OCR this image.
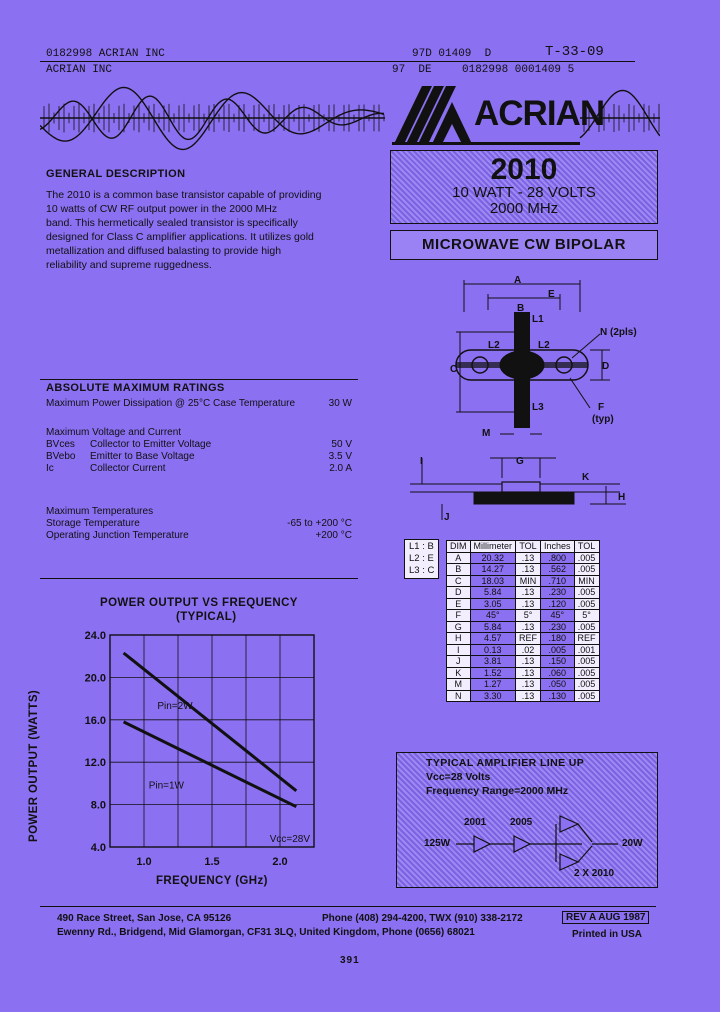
0182998 ACRIAN INC	97D 01409  D	T-33-09
ACRIAN INC	97  DE	0182998 0001409 5
ACRIAN
2010
10 WATT - 28 VOLTS
2000 MHz
MICROWAVE CW BIPOLAR
GENERAL DESCRIPTION
The 2010 is a common base transistor capable of providing
10 watts of CW RF output power in the 2000 MHz
band. This hermetically sealed transistor is specifically
designed for Class C amplifier applications. It utilizes gold
metallization and diffused balasting to provide high
reliability and supreme ruggedness.
ABSOLUTE MAXIMUM RATINGS
Maximum Power Dissipation @ 25°C Case Temperature	30 W
Maximum Voltage and Current
BVces	Collector to Emitter Voltage	50 V
BVebo	Emitter to Base Voltage	3.5 V
Ic	Collector Current	2.0 A
Maximum Temperatures
Storage Temperature	-65 to +200 °C
Operating Junction Temperature	+200 °C
A
B
E
L1
L2	L2
N (2pls)
C	D
L3	F
(typ)
M
G
I
K
H
J
L1 : B
L2 : E
L3 : C
DIM	Millimeter	TOL	Inches	TOL
A	20.32	.13	.800	.005
B	14.27	.13	.562	.005
C	18.03	MIN	.710	MIN
D	5.84	.13	.230	.005
E	3.05	.13	.120	.005
F	45°	5°	45°	5°
G	5.84	.13	.230	.005
H	4.57	REF	.180	REF
I	0.13	.02	.005	.001
J	3.81	.13	.150	.005
K	1.52	.13	.060	.005
M	1.27	.13	.050	.005
N	3.30	.13	.130	.005
POWER OUTPUT VS FREQUENCY
(TYPICAL)
POWER OUTPUT (WATTS)
FREQUENCY (GHz)
4.0
8.0
12.0
16.0
20.0
24.0
1.0	1.5	2.0
Pin=2W
Pin=1W
Vcc=28V
TYPICAL AMPLIFIER LINE UP
Vcc=28 Volts
Frequency Range=2000 MHz
125W
2001 2005
20W
2 X 2010
490 Race Street, San Jose, CA 95126	Phone (408) 294-4200, TWX (910) 338-2172	REV A AUG 1987
Ewenny Rd., Bridgend, Mid Glamorgan, CF31 3LQ, United Kingdom, Phone (0656) 68021	Printed in USA
391
